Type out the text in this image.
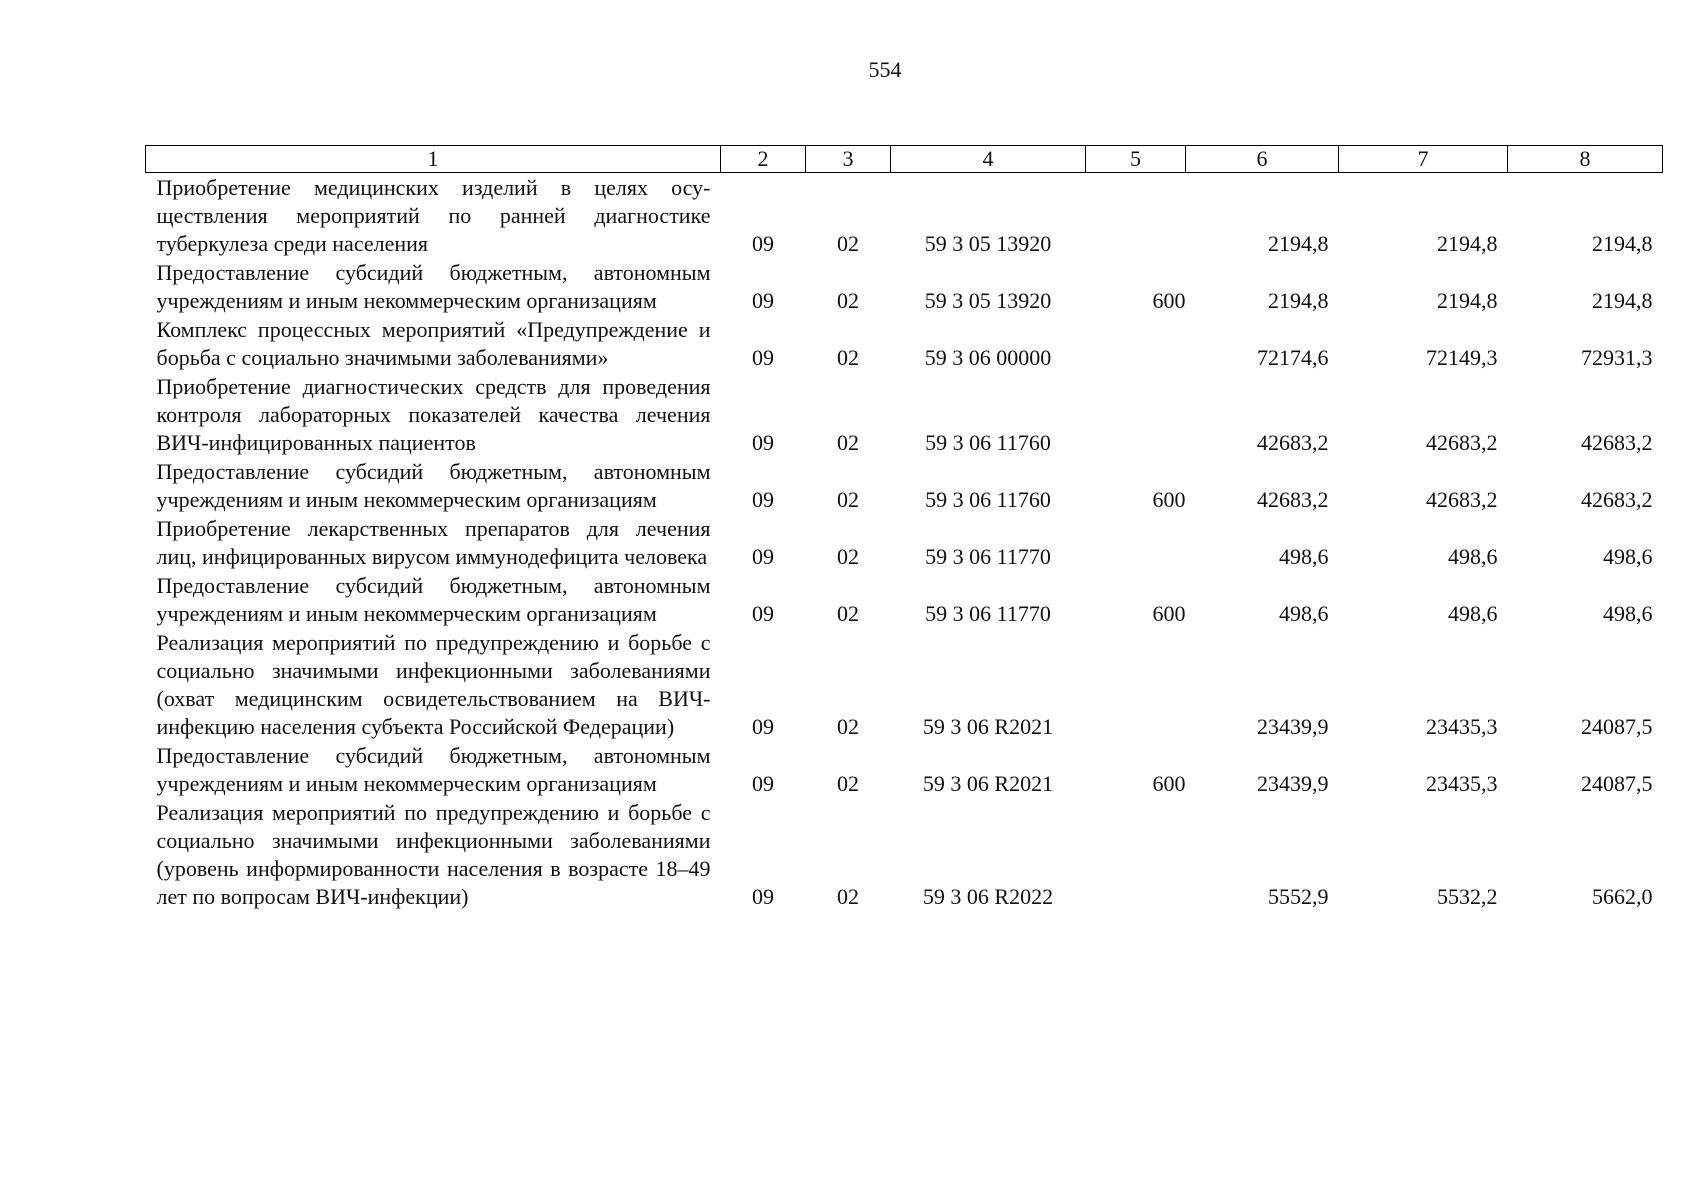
554
1	2	3	4	5	6	7	8
Приобретение медицинских изделий в целях осуществления мероприятий по ранней диагностике туберкулеза среди населения	09	02	59 3 05 13920		2194,8	2194,8	2194,8
Предоставление субсидий бюджетным, автономным учреждениям и иным некоммерческим организациям	09	02	59 3 05 13920	600	2194,8	2194,8	2194,8
Комплекс процессных мероприятий «Предупреждение и борьба с социально значимыми заболеваниями»	09	02	59 3 06 00000		72174,6	72149,3	72931,3
Приобретение диагностических средств для проведения контроля лабораторных показателей качества лечения ВИЧ-инфицированных пациентов	09	02	59 3 06 11760		42683,2	42683,2	42683,2
Предоставление субсидий бюджетным, автономным учреждениям и иным некоммерческим организациям	09	02	59 3 06 11760	600	42683,2	42683,2	42683,2
Приобретение лекарственных препаратов для лечения лиц, инфицированных вирусом иммунодефицита человека	09	02	59 3 06 11770		498,6	498,6	498,6
Предоставление субсидий бюджетным, автономным учреждениям и иным некоммерческим организациям	09	02	59 3 06 11770	600	498,6	498,6	498,6
Реализация мероприятий по предупреждению и борьбе с социально значимыми инфекционными заболеваниями (охват медицинским освидетельствованием на ВИЧ-инфекцию населения субъекта Российской Федерации)	09	02	59 3 06 R2021		23439,9	23435,3	24087,5
Предоставление субсидий бюджетным, автономным учреждениям и иным некоммерческим организациям	09	02	59 3 06 R2021	600	23439,9	23435,3	24087,5
Реализация мероприятий по предупреждению и борьбе с социально значимыми инфекционными заболеваниями (уровень информированности населения в возрасте 18–49 лет по вопросам ВИЧ-инфекции)	09	02	59 3 06 R2022		5552,9	5532,2	5662,0
